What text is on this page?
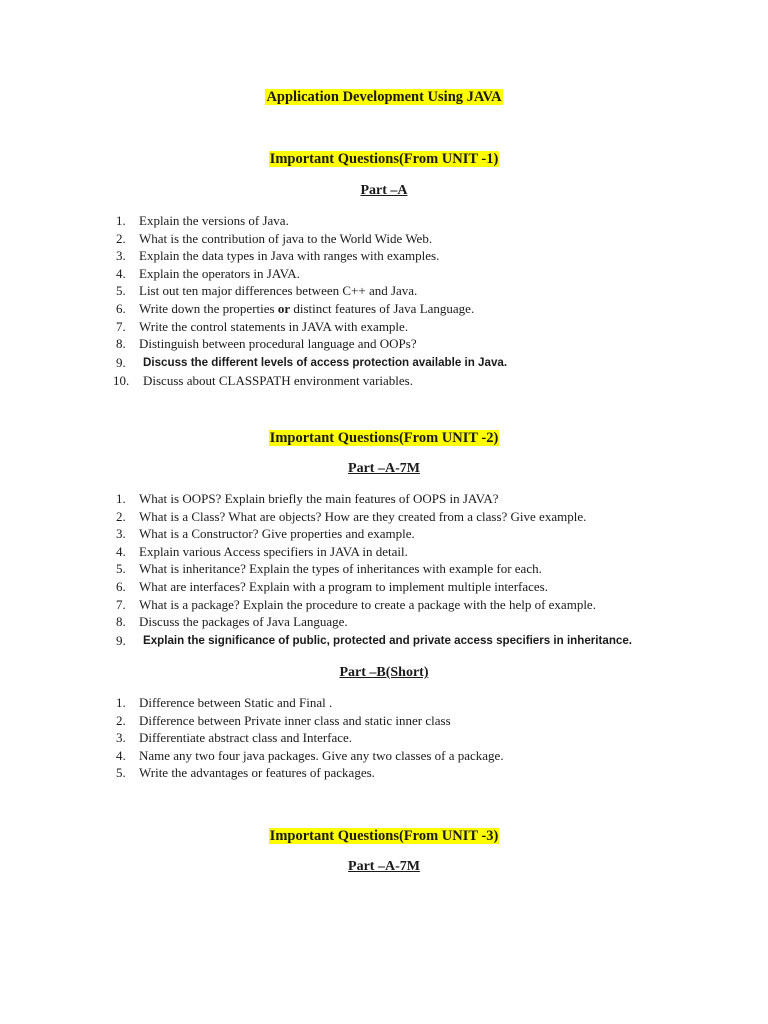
Application Development Using JAVA
Important Questions(From UNIT -1)
Part –A
1.	Explain the versions of Java.
2.	What is the contribution of java to the World Wide Web.
3.	Explain the data types in Java with ranges with examples.
4.	Explain the operators in JAVA.
5.	List out ten major differences between C++ and Java.
6.	Write down the properties or distinct features of Java Language.
7.	Write the control statements in JAVA with example.
8.	Distinguish between procedural language and OOPs?
9.	Discuss the different levels of access protection available in Java.
10. Discuss about CLASSPATH environment variables.
Important Questions(From UNIT -2)
Part –A-7M
1.	What is OOPS? Explain briefly the main features of OOPS in JAVA?
2.	What is a Class? What are objects? How are they created from a class? Give example.
3.	What is a Constructor? Give properties and example.
4.	Explain various Access specifiers in JAVA in detail.
5.	What is inheritance? Explain the types of inheritances with example for each.
6.	What are interfaces? Explain with a program to implement multiple interfaces.
7.	What is a package? Explain the procedure to create a package with the help of example.
8.	Discuss the packages of Java Language.
9.	Explain the significance of public, protected and private access specifiers in inheritance.
Part –B(Short)
1.	Difference between Static and Final .
2.	Difference between Private inner class and static inner class
3.	Differentiate abstract class and Interface.
4.	Name any two four java packages. Give any two classes of a package.
5.	Write the advantages or features of packages.
Important Questions(From UNIT -3)
Part –A-7M
